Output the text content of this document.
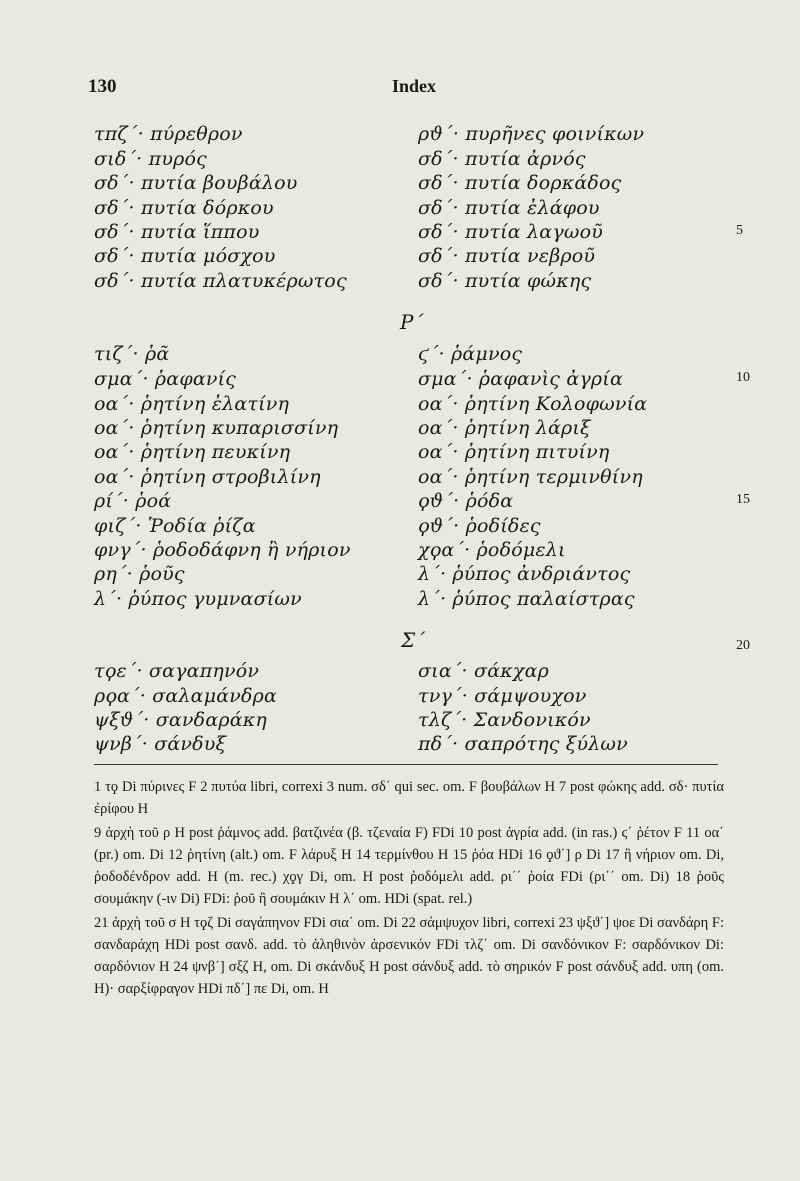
130	Index
τπζ΄· πύρεθρον	ρϑ΄· πυρῆνες φοινίκων
σιδ΄· πυρός	σδ΄· πυτία ἀρνός
σδ΄· πυτία βουβάλου	σδ΄· πυτία δορκάδος
σδ΄· πυτία δόρκου	σδ΄· πυτία ἐλάφου
σδ΄· πυτία ἵππου	σδ΄· πυτία λαγωοῦ
σδ΄· πυτία μόσχου	σδ΄· πυτία νεβροῦ
σδ΄· πυτία πλατυκέρωτος	σδ΄· πυτία φώκης
τιζ΄· ῥᾶ	ϛ΄· ῥάμνος
σμα΄· ῥαφανίς	σμα΄· ῥαφανὶς ἀγρία
οα΄· ῥητίνη ἐλατίνη	οα΄· ῥητίνη Κολοφωνία
οα΄· ῥητίνη κυπαρισσίνη	οα΄· ῥητίνη λάριξ
οα΄· ῥητίνη πευκίνη	οα΄· ῥητίνη πιτυίνη
οα΄· ῥητίνη στροβιλίνη	οα΄· ῥητίνη τερμινθίνη
ρί΄· ῥοά	ϙϑ΄· ῥόδα
φιζ΄· Ῥοδία ῥίζα	ϙϑ΄· ῥοδίδες
φνγ΄· ῥοδοδάφνη ἢ νήριον	χϙα΄· ῥοδόμελι
ρη΄· ῥοῦς	λ΄· ῥύπος ἀνδριάντος
λ΄· ῥύπος γυμνασίων	λ΄· ῥύπος παλαίστρας
τϙε΄· σαγαπηνόν	σια΄· σάκχαρ
ρϙα΄· σαλαμάνδρα	τνγ΄· σάμψουχον
ψξϑ΄· σανδαράκη	τλζ΄· Σανδονικόν
ψνβ΄· σάνδυξ	πδ΄· σαπρότης ξύλων
Ρ΄
Σ΄
5
10
15
20

1 τϙ Di πύρινες F 2 πυτύα libri, correxi 3 num. σδ΄ qui sec. om. F βουβάλων H 7 post φώκης add. σδ· πυτία ἐρίφου H

9 ἀρχὴ τοῦ ρ H post ῥάμνος add. βατζινέα (β. τζεναία F) FDi 10 post ἀγρία add. (in ras.) ϛ΄ ῥέτον F 11 οα΄ (pr.) om. Di 12 ῥητίνη (alt.) om. F λάρυξ H 14 τερμίνθου H 15 ῥόα HDi 16 ϙϑ΄] ρ Di 17 ἢ νήριον om. Di, ῥοδοδένδρον add. H (m. rec.) χϙγ Di, om. H post ῥοδόμελι add. ρι΄΄ ῥοία FDi (ρι΄΄ om. Di) 18 ῥοῦς σουμάκην (-ιν Di) FDi: ῥοῦ ἢ σουμάκιν H λ΄ om. HDi (spat. rel.)

21 ἀρχὴ τοῦ σ H τϙζ Di σαγάπηνον FDi σια΄ om. Di 22 σάμψυχον libri, correxi 23 ψξϑ΄] ψοε Di σανδάρη F: σανδαράχη HDi post σανδ. add. τὸ ἀληθινὸν ἀρσενικόν FDi τλζ΄ om. Di σανδόνικον F: σαρδόνικον Di: σαρδόνιον H 24 ψνβ΄] σξζ H, om. Di σκάνδυξ H post σάνδυξ add. τὸ σηρικόν F post σάνδυξ add. υπη (om. H)· σαρξίφραγον HDi πδ΄] πε Di, om. H
